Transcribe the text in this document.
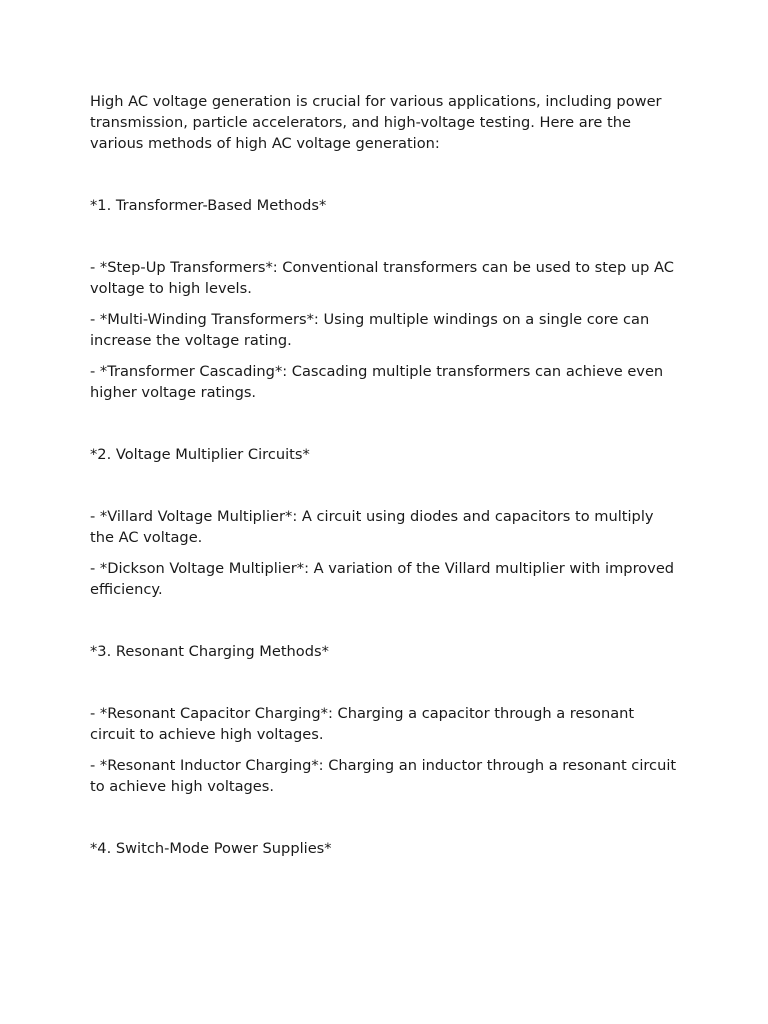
High AC voltage generation is crucial for various applications, including power transmission, particle accelerators, and high-voltage testing. Here are the various methods of high AC voltage generation:

*1. Transformer-Based Methods*

- *Step-Up Transformers*: Conventional transformers can be used to step up AC voltage to high levels.

- *Multi-Winding Transformers*: Using multiple windings on a single core can increase the voltage rating.

- *Transformer Cascading*: Cascading multiple transformers can achieve even higher voltage ratings.

*2. Voltage Multiplier Circuits*

- *Villard Voltage Multiplier*: A circuit using diodes and capacitors to multiply the AC voltage.

- *Dickson Voltage Multiplier*: A variation of the Villard multiplier with improved efficiency.

*3. Resonant Charging Methods*

- *Resonant Capacitor Charging*: Charging a capacitor through a resonant circuit to achieve high voltages.

- *Resonant Inductor Charging*: Charging an inductor through a resonant circuit to achieve high voltages.

*4. Switch-Mode Power Supplies*
